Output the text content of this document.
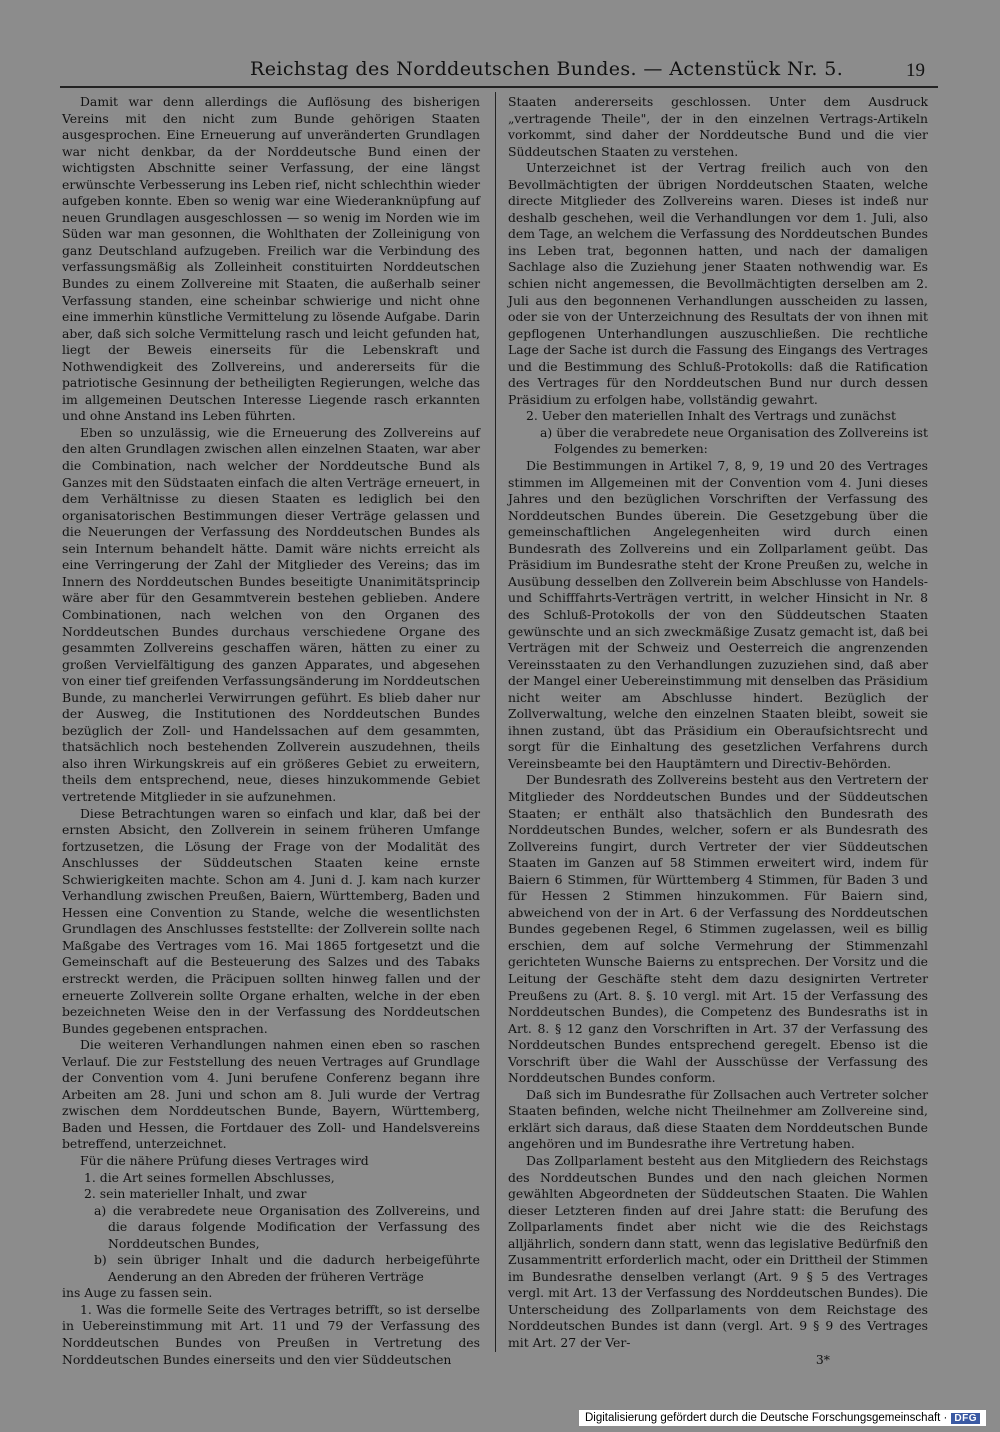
Reichstag des Norddeutschen Bundes. — Actenstück Nr. 5.	19

Damit war denn allerdings die Auflösung des bisherigen Vereins mit den nicht zum Bunde gehörigen Staaten ausgesprochen. Eine Erneuerung auf unveränderten Grundlagen war nicht denkbar, da der Norddeutsche Bund einen der wichtigsten Abschnitte seiner Verfassung, der eine längst erwünschte Verbesserung ins Leben rief, nicht schlechthin wieder aufgeben konnte. Eben so wenig war eine Wiederanknüpfung auf neuen Grundlagen ausgeschlossen — so wenig im Norden wie im Süden war man gesonnen, die Wohlthaten der Zolleinigung von ganz Deutschland aufzugeben. Freilich war die Verbindung des verfassungsmäßig als Zolleinheit constituirten Norddeutschen Bundes zu einem Zollvereine mit Staaten, die außerhalb seiner Verfassung standen, eine scheinbar schwierige und nicht ohne eine immerhin künstliche Vermittelung zu lösende Aufgabe. Darin aber, daß sich solche Vermittelung rasch und leicht gefunden hat, liegt der Beweis einerseits für die Lebenskraft und Nothwendigkeit des Zollvereins, und andererseits für die patriotische Gesinnung der betheiligten Regierungen, welche das im allgemeinen Deutschen Interesse Liegende rasch erkannten und ohne Anstand ins Leben führten.

Eben so unzulässig, wie die Erneuerung des Zollvereins auf den alten Grundlagen zwischen allen einzelnen Staaten, war aber die Combination, nach welcher der Norddeutsche Bund als Ganzes mit den Südstaaten einfach die alten Verträge erneuert, in dem Verhältnisse zu diesen Staaten es lediglich bei den organisatorischen Bestimmungen dieser Verträge gelassen und die Neuerungen der Verfassung des Norddeutschen Bundes als sein Internum behandelt hätte. Damit wäre nichts erreicht als eine Verringerung der Zahl der Mitglieder des Vereins; das im Innern des Norddeutschen Bundes beseitigte Unanimitätsprincip wäre aber für den Gesammtverein bestehen geblieben. Andere Combinationen, nach welchen von den Organen des Norddeutschen Bundes durchaus verschiedene Organe des gesammten Zollvereins geschaffen wären, hätten zu einer zu großen Vervielfältigung des ganzen Apparates, und abgesehen von einer tief greifenden Verfassungsänderung im Norddeutschen Bunde, zu mancherlei Verwirrungen geführt. Es blieb daher nur der Ausweg, die Institutionen des Norddeutschen Bundes bezüglich der Zoll- und Handelssachen auf dem gesammten, thatsächlich noch bestehenden Zollverein auszudehnen, theils also ihren Wirkungskreis auf ein größeres Gebiet zu erweitern, theils dem entsprechend, neue, dieses hinzukommende Gebiet vertretende Mitglieder in sie aufzunehmen.

Diese Betrachtungen waren so einfach und klar, daß bei der ernsten Absicht, den Zollverein in seinem früheren Umfange fortzusetzen, die Lösung der Frage von der Modalität des Anschlusses der Süddeutschen Staaten keine ernste Schwierigkeiten machte. Schon am 4. Juni d. J. kam nach kurzer Verhandlung zwischen Preußen, Baiern, Württemberg, Baden und Hessen eine Convention zu Stande, welche die wesentlichsten Grundlagen des Anschlusses feststellte: der Zollverein sollte nach Maßgabe des Vertrages vom 16. Mai 1865 fortgesetzt und die Gemeinschaft auf die Besteuerung des Salzes und des Tabaks erstreckt werden, die Präcipuen sollten hinweg fallen und der erneuerte Zollverein sollte Organe erhalten, welche in der eben bezeichneten Weise den in der Verfassung des Norddeutschen Bundes gegebenen entsprachen.

Die weiteren Verhandlungen nahmen einen eben so raschen Verlauf. Die zur Feststellung des neuen Vertrages auf Grundlage der Convention vom 4. Juni berufene Conferenz begann ihre Arbeiten am 28. Juni und schon am 8. Juli wurde der Vertrag zwischen dem Norddeutschen Bunde, Bayern, Württemberg, Baden und Hessen, die Fortdauer des Zoll- und Handelsvereins betreffend, unterzeichnet.

Für die nähere Prüfung dieses Vertrages wird

1. die Art seines formellen Abschlusses,

2. sein materieller Inhalt, und zwar

a) die verabredete neue Organisation des Zollvereins, und die daraus folgende Modification der Verfassung des Norddeutschen Bundes,

b) sein übriger Inhalt und die dadurch herbeigeführte Aenderung an den Abreden der früheren Verträge

ins Auge zu fassen sein.

1. Was die formelle Seite des Vertrages betrifft, so ist derselbe in Uebereinstimmung mit Art. 11 und 79 der Verfassung des Norddeutschen Bundes von Preußen in Vertretung des Norddeutschen Bundes einerseits und den vier Süddeutschen

Staaten andererseits geschlossen. Unter dem Ausdruck „vertragende Theile", der in den einzelnen Vertrags-Artikeln vorkommt, sind daher der Norddeutsche Bund und die vier Süddeutschen Staaten zu verstehen.

Unterzeichnet ist der Vertrag freilich auch von den Bevollmächtigten der übrigen Norddeutschen Staaten, welche directe Mitglieder des Zollvereins waren. Dieses ist indeß nur deshalb geschehen, weil die Verhandlungen vor dem 1. Juli, also dem Tage, an welchem die Verfassung des Norddeutschen Bundes ins Leben trat, begonnen hatten, und nach der damaligen Sachlage also die Zuziehung jener Staaten nothwendig war. Es schien nicht angemessen, die Bevollmächtigten derselben am 2. Juli aus den begonnenen Verhandlungen ausscheiden zu lassen, oder sie von der Unterzeichnung des Resultats der von ihnen mit gepflogenen Unterhandlungen auszuschließen. Die rechtliche Lage der Sache ist durch die Fassung des Eingangs des Vertrages und die Bestimmung des Schluß-Protokolls: daß die Ratification des Vertrages für den Norddeutschen Bund nur durch dessen Präsidium zu erfolgen habe, vollständig gewahrt.

2. Ueber den materiellen Inhalt des Vertrags und zunächst

a) über die verabredete neue Organisation des Zollvereins ist Folgendes zu bemerken:

Die Bestimmungen in Artikel 7, 8, 9, 19 und 20 des Vertrages stimmen im Allgemeinen mit der Convention vom 4. Juni dieses Jahres und den bezüglichen Vorschriften der Verfassung des Norddeutschen Bundes überein. Die Gesetzgebung über die gemeinschaftlichen Angelegenheiten wird durch einen Bundesrath des Zollvereins und ein Zollparlament geübt. Das Präsidium im Bundesrathe steht der Krone Preußen zu, welche in Ausübung desselben den Zollverein beim Abschlusse von Handels- und Schifffahrts-Verträgen vertritt, in welcher Hinsicht in Nr. 8 des Schluß-Protokolls der von den Süddeutschen Staaten gewünschte und an sich zweckmäßige Zusatz gemacht ist, daß bei Verträgen mit der Schweiz und Oesterreich die angrenzenden Vereinsstaaten zu den Verhandlungen zuzuziehen sind, daß aber der Mangel einer Uebereinstimmung mit denselben das Präsidium nicht weiter am Abschlusse hindert. Bezüglich der Zollverwaltung, welche den einzelnen Staaten bleibt, soweit sie ihnen zustand, übt das Präsidium ein Oberaufsichtsrecht und sorgt für die Einhaltung des gesetzlichen Verfahrens durch Vereinsbeamte bei den Hauptämtern und Directiv-Behörden.

Der Bundesrath des Zollvereins besteht aus den Vertretern der Mitglieder des Norddeutschen Bundes und der Süddeutschen Staaten; er enthält also thatsächlich den Bundesrath des Norddeutschen Bundes, welcher, sofern er als Bundesrath des Zollvereins fungirt, durch Vertreter der vier Süddeutschen Staaten im Ganzen auf 58 Stimmen erweitert wird, indem für Baiern 6 Stimmen, für Württemberg 4 Stimmen, für Baden 3 und für Hessen 2 Stimmen hinzukommen. Für Baiern sind, abweichend von der in Art. 6 der Verfassung des Norddeutschen Bundes gegebenen Regel, 6 Stimmen zugelassen, weil es billig erschien, dem auf solche Vermehrung der Stimmenzahl gerichteten Wunsche Baierns zu entsprechen. Der Vorsitz und die Leitung der Geschäfte steht dem dazu designirten Vertreter Preußens zu (Art. 8. §. 10 vergl. mit Art. 15 der Verfassung des Norddeutschen Bundes), die Competenz des Bundesraths ist in Art. 8. § 12 ganz den Vorschriften in Art. 37 der Verfassung des Norddeutschen Bundes entsprechend geregelt. Ebenso ist die Vorschrift über die Wahl der Ausschüsse der Verfassung des Norddeutschen Bundes conform.

Daß sich im Bundesrathe für Zollsachen auch Vertreter solcher Staaten befinden, welche nicht Theilnehmer am Zollvereine sind, erklärt sich daraus, daß diese Staaten dem Norddeutschen Bunde angehören und im Bundesrathe ihre Vertretung haben.

Das Zollparlament besteht aus den Mitgliedern des Reichstags des Norddeutschen Bundes und den nach gleichen Normen gewählten Abgeordneten der Süddeutschen Staaten. Die Wahlen dieser Letzteren finden auf drei Jahre statt: die Berufung des Zollparlaments findet aber nicht wie die des Reichstags alljährlich, sondern dann statt, wenn das legislative Bedürfniß den Zusammentritt erforderlich macht, oder ein Drittheil der Stimmen im Bundesrathe denselben verlangt (Art. 9 § 5 des Vertrages vergl. mit Art. 13 der Verfassung des Norddeutschen Bundes). Die Unterscheidung des Zollparlaments von dem Reichstage des Norddeutschen Bundes ist dann (vergl. Art. 9 § 9 des Vertrages mit Art. 27 der Ver-

3*

Digitalisierung gefördert durch die Deutsche Forschungsgemeinschaft · DFG
